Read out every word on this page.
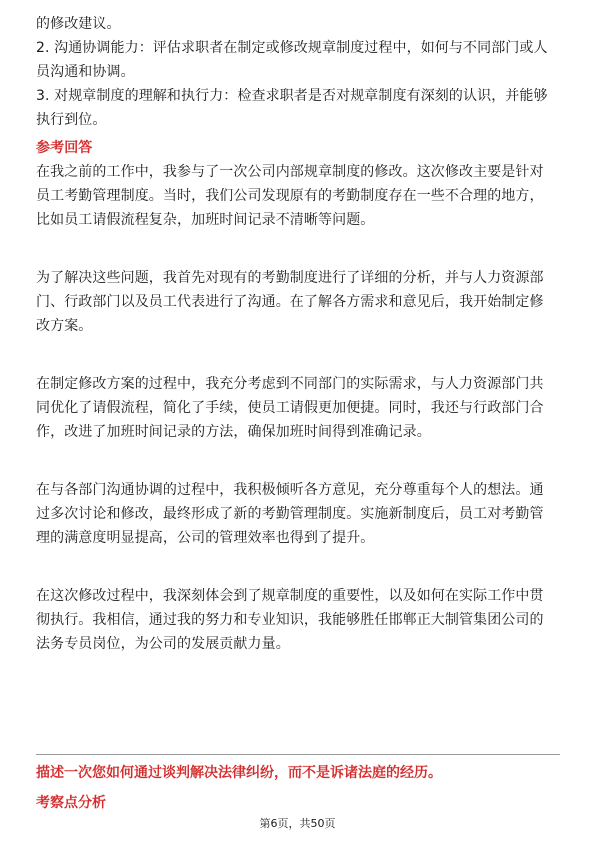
的修改建议。
2. 沟通协调能力：评估求职者在制定或修改规章制度过程中，如何与不同部门或人
员沟通和协调。
3. 对规章制度的理解和执行力：检查求职者是否对规章制度有深刻的认识，并能够
执行到位。
参考回答
在我之前的工作中，我参与了一次公司内部规章制度的修改。这次修改主要是针对
员工考勤管理制度。当时，我们公司发现原有的考勤制度存在一些不合理的地方，
比如员工请假流程复杂，加班时间记录不清晰等问题。
为了解决这些问题，我首先对现有的考勤制度进行了详细的分析，并与人力资源部
门、行政部门以及员工代表进行了沟通。在了解各方需求和意见后，我开始制定修
改方案。
在制定修改方案的过程中，我充分考虑到不同部门的实际需求，与人力资源部门共
同优化了请假流程，简化了手续，使员工请假更加便捷。同时，我还与行政部门合
作，改进了加班时间记录的方法，确保加班时间得到准确记录。
在与各部门沟通协调的过程中，我积极倾听各方意见，充分尊重每个人的想法。通
过多次讨论和修改，最终形成了新的考勤管理制度。实施新制度后，员工对考勤管
理的满意度明显提高，公司的管理效率也得到了提升。
在这次修改过程中，我深刻体会到了规章制度的重要性，以及如何在实际工作中贯
彻执行。我相信，通过我的努力和专业知识，我能够胜任邯郸正大制管集团公司的
法务专员岗位，为公司的发展贡献力量。
描述一次您如何通过谈判解决法律纠纷，而不是诉诸法庭的经历。
考察点分析
第6页，共50页
